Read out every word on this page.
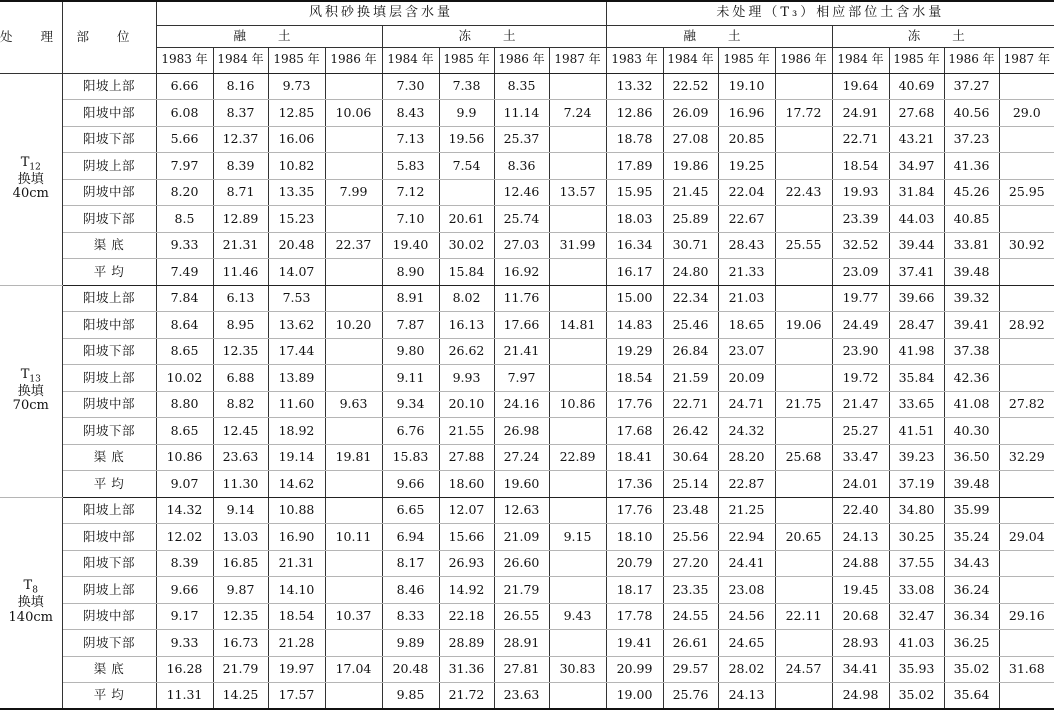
处 理	部 位	风积砂换填层含水量								未处理（T₃）相应部位土含水量							
		融 土				冻 土				融 土				冻 土			
		1983 年	1984 年	1985 年	1986 年	1984 年	1985 年	1986 年	1987 年	1983 年	1984 年	1985 年	1986 年	1984 年	1985 年	1986 年	1987 年

$T_{12}$
换填
40cm	阳坡上部	6.66	8.16	9.73		7.30	7.38	8.35		13.32	22.52	19.10		19.64	40.69	37.27	
	阳坡中部	6.08	8.37	12.85	10.06	8.43	9.9	11.14	7.24	12.86	26.09	16.96	17.72	24.91	27.68	40.56	29.0
	阳坡下部	5.66	12.37	16.06		7.13	19.56	25.37		18.78	27.08	20.85		22.71	43.21	37.23	
	阴坡上部	7.97	8.39	10.82		5.83	7.54	8.36		17.89	19.86	19.25		18.54	34.97	41.36	
	阴坡中部	8.20	8.71	13.35	7.99	7.12		12.46	13.57	15.95	21.45	22.04	22.43	19.93	31.84	45.26	25.95
	阴坡下部	8.5	12.89	15.23		7.10	20.61	25.74		18.03	25.89	22.67		23.39	44.03	40.85	
	渠 底	9.33	21.31	20.48	22.37	19.40	30.02	27.03	31.99	16.34	30.71	28.43	25.55	32.52	39.44	33.81	30.92
	平 均	7.49	11.46	14.07		8.90	15.84	16.92		16.17	24.80	21.33		23.09	37.41	39.48	

$T_{13}$
换填
70cm	阳坡上部	7.84	6.13	7.53		8.91	8.02	11.76		15.00	22.34	21.03		19.77	39.66	39.32	
	阳坡中部	8.64	8.95	13.62	10.20	7.87	16.13	17.66	14.81	14.83	25.46	18.65	19.06	24.49	28.47	39.41	28.92
	阳坡下部	8.65	12.35	17.44		9.80	26.62	21.41		19.29	26.84	23.07		23.90	41.98	37.38	
	阴坡上部	10.02	6.88	13.89		9.11	9.93	7.97		18.54	21.59	20.09		19.72	35.84	42.36	
	阴坡中部	8.80	8.82	11.60	9.63	9.34	20.10	24.16	10.86	17.76	22.71	24.71	21.75	21.47	33.65	41.08	27.82
	阴坡下部	8.65	12.45	18.92		6.76	21.55	26.98		17.68	26.42	24.32		25.27	41.51	40.30	
	渠 底	10.86	23.63	19.14	19.81	15.83	27.88	27.24	22.89	18.41	30.64	28.20	25.68	33.47	39.23	36.50	32.29
	平 均	9.07	11.30	14.62		9.66	18.60	19.60		17.36	25.14	22.87		24.01	37.19	39.48	

$T_8$
换填
140cm	阳坡上部	14.32	9.14	10.88		6.65	12.07	12.63		17.76	23.48	21.25		22.40	34.80	35.99	
	阳坡中部	12.02	13.03	16.90	10.11	6.94	15.66	21.09	9.15	18.10	25.56	22.94	20.65	24.13	30.25	35.24	29.04
	阳坡下部	8.39	16.85	21.31		8.17	26.93	26.60		20.79	27.20	24.41		24.88	37.55	34.43	
	阴坡上部	9.66	9.87	14.10		8.46	14.92	21.79		18.17	23.35	23.08		19.45	33.08	36.24	
	阴坡中部	9.17	12.35	18.54	10.37	8.33	22.18	26.55	9.43	17.78	24.55	24.56	22.11	20.68	32.47	36.34	29.16
	阴坡下部	9.33	16.73	21.28		9.89	28.89	28.91		19.41	26.61	24.65		28.93	41.03	36.25	
	渠 底	16.28	21.79	19.97	17.04	20.48	31.36	27.81	30.83	20.99	29.57	28.02	24.57	34.41	35.93	35.02	31.68
	平 均	11.31	14.25	17.57		9.85	21.72	23.63		19.00	25.76	24.13		24.98	35.02	35.64	
